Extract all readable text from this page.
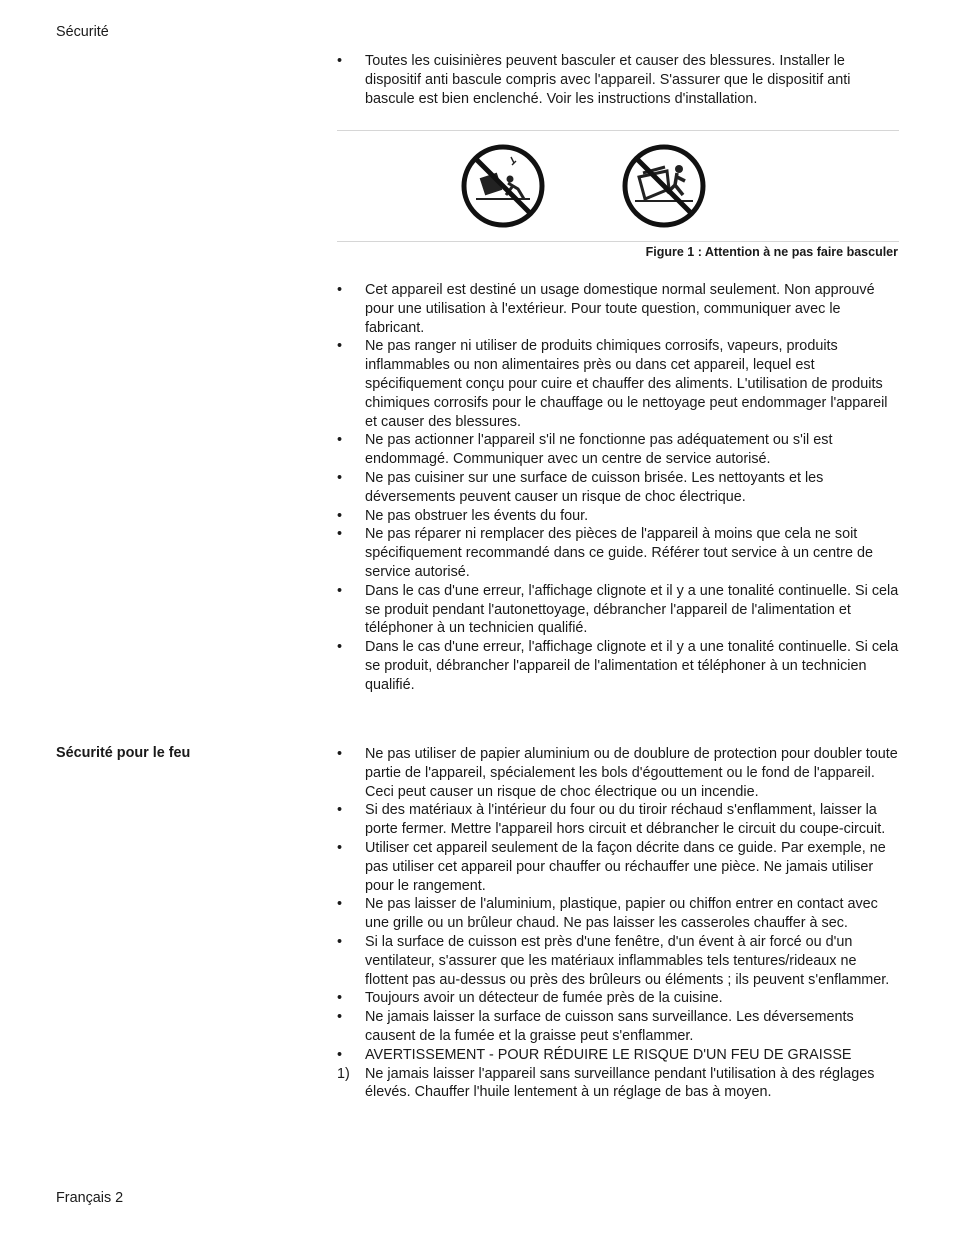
Sécurité
• Toutes les cuisinières peuvent basculer et causer des blessures. Installer le dispositif anti bascule compris avec l'appareil. S'assurer que le dispositif anti bascule est bien enclenché. Voir les instructions d'installation.
Figure 1 : Attention à ne pas faire basculer
• Cet appareil est destiné un usage domestique normal seulement. Non approuvé pour une utilisation à l'extérieur. Pour toute question, communiquer avec le fabricant.
• Ne pas ranger ni utiliser de produits chimiques corrosifs, vapeurs, produits inflammables ou non alimentaires près ou dans cet appareil, lequel est spécifiquement conçu pour cuire et chauffer des aliments. L'utilisation de produits chimiques corrosifs pour le chauffage ou le nettoyage peut endommager l'appareil et causer des blessures.
• Ne pas actionner l'appareil s'il ne fonctionne pas adéquatement ou s'il est endommagé. Communiquer avec un centre de service autorisé.
• Ne pas cuisiner sur une surface de cuisson brisée. Les nettoyants et les déversements peuvent causer un risque de choc électrique.
• Ne pas obstruer les évents du four.
• Ne pas réparer ni remplacer des pièces de l'appareil à moins que cela ne soit spécifiquement recommandé dans ce guide. Référer tout service à un centre de service autorisé.
• Dans le cas d'une erreur, l'affichage clignote et il y a une tonalité continuelle. Si cela se produit pendant l'autonettoyage, débrancher l'appareil de l'alimentation et téléphoner à un technicien qualifié.
• Dans le cas d'une erreur, l'affichage clignote et il y a une tonalité continuelle. Si cela se produit, débrancher l'appareil de l'alimentation et téléphoner à un technicien qualifié.
Sécurité pour le feu	• Ne pas utiliser de papier aluminium ou de doublure de protection pour doubler toute partie de l'appareil, spécialement les bols d'égouttement ou le fond de l'appareil. Ceci peut causer un risque de choc électrique ou un incendie.
• Si des matériaux à l'intérieur du four ou du tiroir réchaud s'enflamment, laisser la porte fermer. Mettre l'appareil hors circuit et débrancher le circuit du coupe-circuit.
• Utiliser cet appareil seulement de la façon décrite dans ce guide. Par exemple, ne pas utiliser cet appareil pour chauffer ou réchauffer une pièce. Ne jamais utiliser pour le rangement.
• Ne pas laisser de l'aluminium, plastique, papier ou chiffon entrer en contact avec une grille ou un brûleur chaud. Ne pas laisser les casseroles chauffer à sec.
• Si la surface de cuisson est près d'une fenêtre, d'un évent à air forcé ou d'un ventilateur, s'assurer que les matériaux inflammables tels tentures/rideaux ne flottent pas au-dessus ou près des brûleurs ou éléments ; ils peuvent s'enflammer.
• Toujours avoir un détecteur de fumée près de la cuisine.
• Ne jamais laisser la surface de cuisson sans surveillance. Les déversements causent de la fumée et la graisse peut s'enflammer.
• AVERTISSEMENT - POUR RÉDUIRE LE RISQUE D'UN FEU DE GRAISSE
1) Ne jamais laisser l'appareil sans surveillance pendant l'utilisation à des réglages élevés. Chauffer l'huile lentement à un réglage de bas à moyen.
Français 2
